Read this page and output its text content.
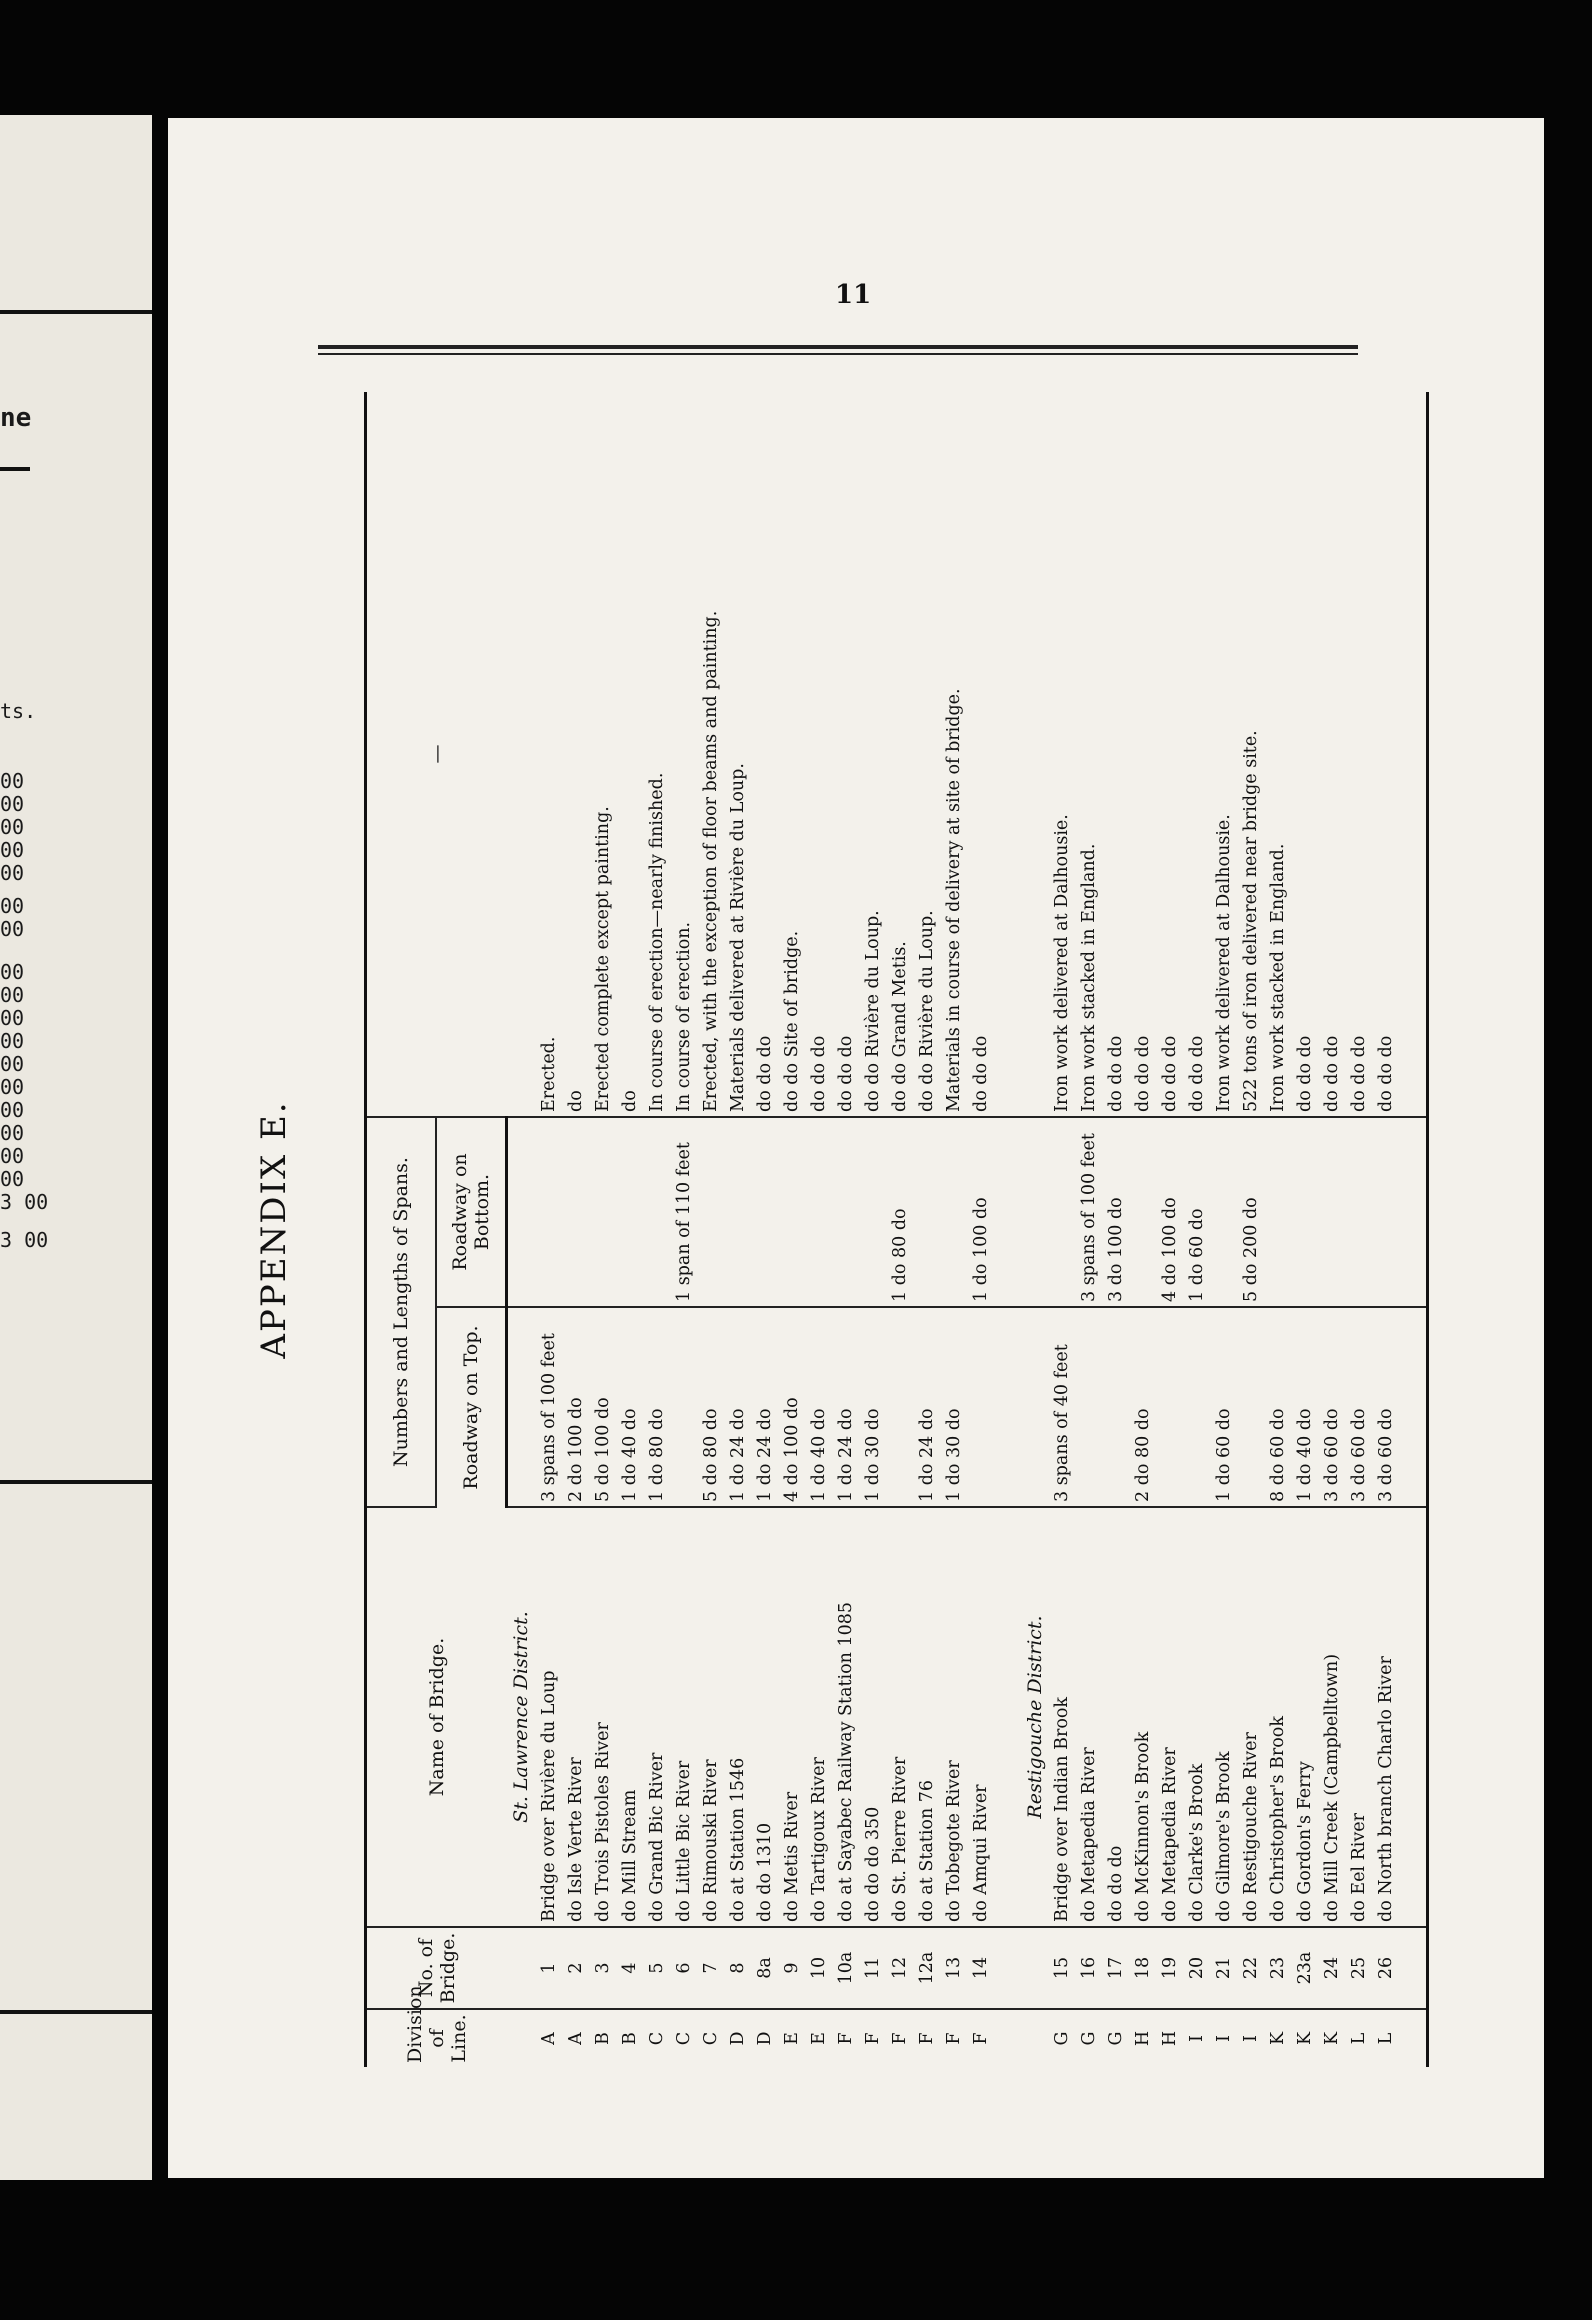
ne
ts.
00
00
00
00
00
00
00
00
00
00
00
00
00
00
00
00
00
3 00
3 00
11
APPENDIX E.
Division of Line.	No. of Bridge.	Name of Bridge.	Numbers and Lengths of Spans.		—
			Roadway on Top.	Roadway on Bottom.	
		St. Lawrence District.			
A	1	Bridge over Rivière du Loup	3 spans of 100 feet		Erected.
A	2	do Isle Verte River	2 do 100 do		do
B	3	do Trois Pistoles River	5 do 100 do		Erected complete except painting.
B	4	do Mill Stream	1 do 40 do		do
C	5	do Grand Bic River	1 do 80 do		In course of erection—nearly finished.
C	6	do Little Bic River		1 span of 110 feet	In course of erection.
C	7	do Rimouski River	5 do 80 do		Erected, with the exception of floor beams and painting.
D	8	do at Station 1546	1 do 24 do		Materials delivered at Rivière du Loup.
D	8a	do do 1310	1 do 24 do		do do do
E	9	do Metis River	4 do 100 do		do do Site of bridge.
E	10	do Tartigoux River	1 do 40 do		do do do
F	10a	do at Sayabec Railway Station 1085	1 do 24 do		do do do
F	11	do do do 350	1 do 30 do		do do Rivière du Loup.
F	12	do St. Pierre River		1 do 80 do	do do Grand Metis.
F	12a	do at Station 76	1 do 24 do		do do Rivière du Loup.
F	13	do Tobegote River	1 do 30 do		Materials in course of delivery at site of bridge.
F	14	do Amqui River		1 do 100 do	do do do

		Restigouche District.			
G	15	Bridge over Indian Brook	3 spans of 40 feet		Iron work delivered at Dalhousie.
G	16	do Metapedia River		3 spans of 100 feet	Iron work stacked in England.
G	17	do do do		3 do 100 do	do do do
H	18	do McKinnon's Brook	2 do 80 do		do do do
H	19	do Metapedia River		4 do 100 do	do do do
I	20	do Clarke's Brook		1 do 60 do	do do do
I	21	do Gilmore's Brook	1 do 60 do		Iron work delivered at Dalhousie.
I	22	do Restigouche River		5 do 200 do	522 tons of iron delivered near bridge site.
K	23	do Christopher's Brook	8 do 60 do		Iron work stacked in England.
K	23a	do Gordon's Ferry	1 do 40 do		do do do
K	24	do Mill Creek (Campbelltown)	3 do 60 do		do do do
L	25	do Eel River	3 do 60 do		do do do
L	26	do North branch Charlo River	3 do 60 do		do do do
